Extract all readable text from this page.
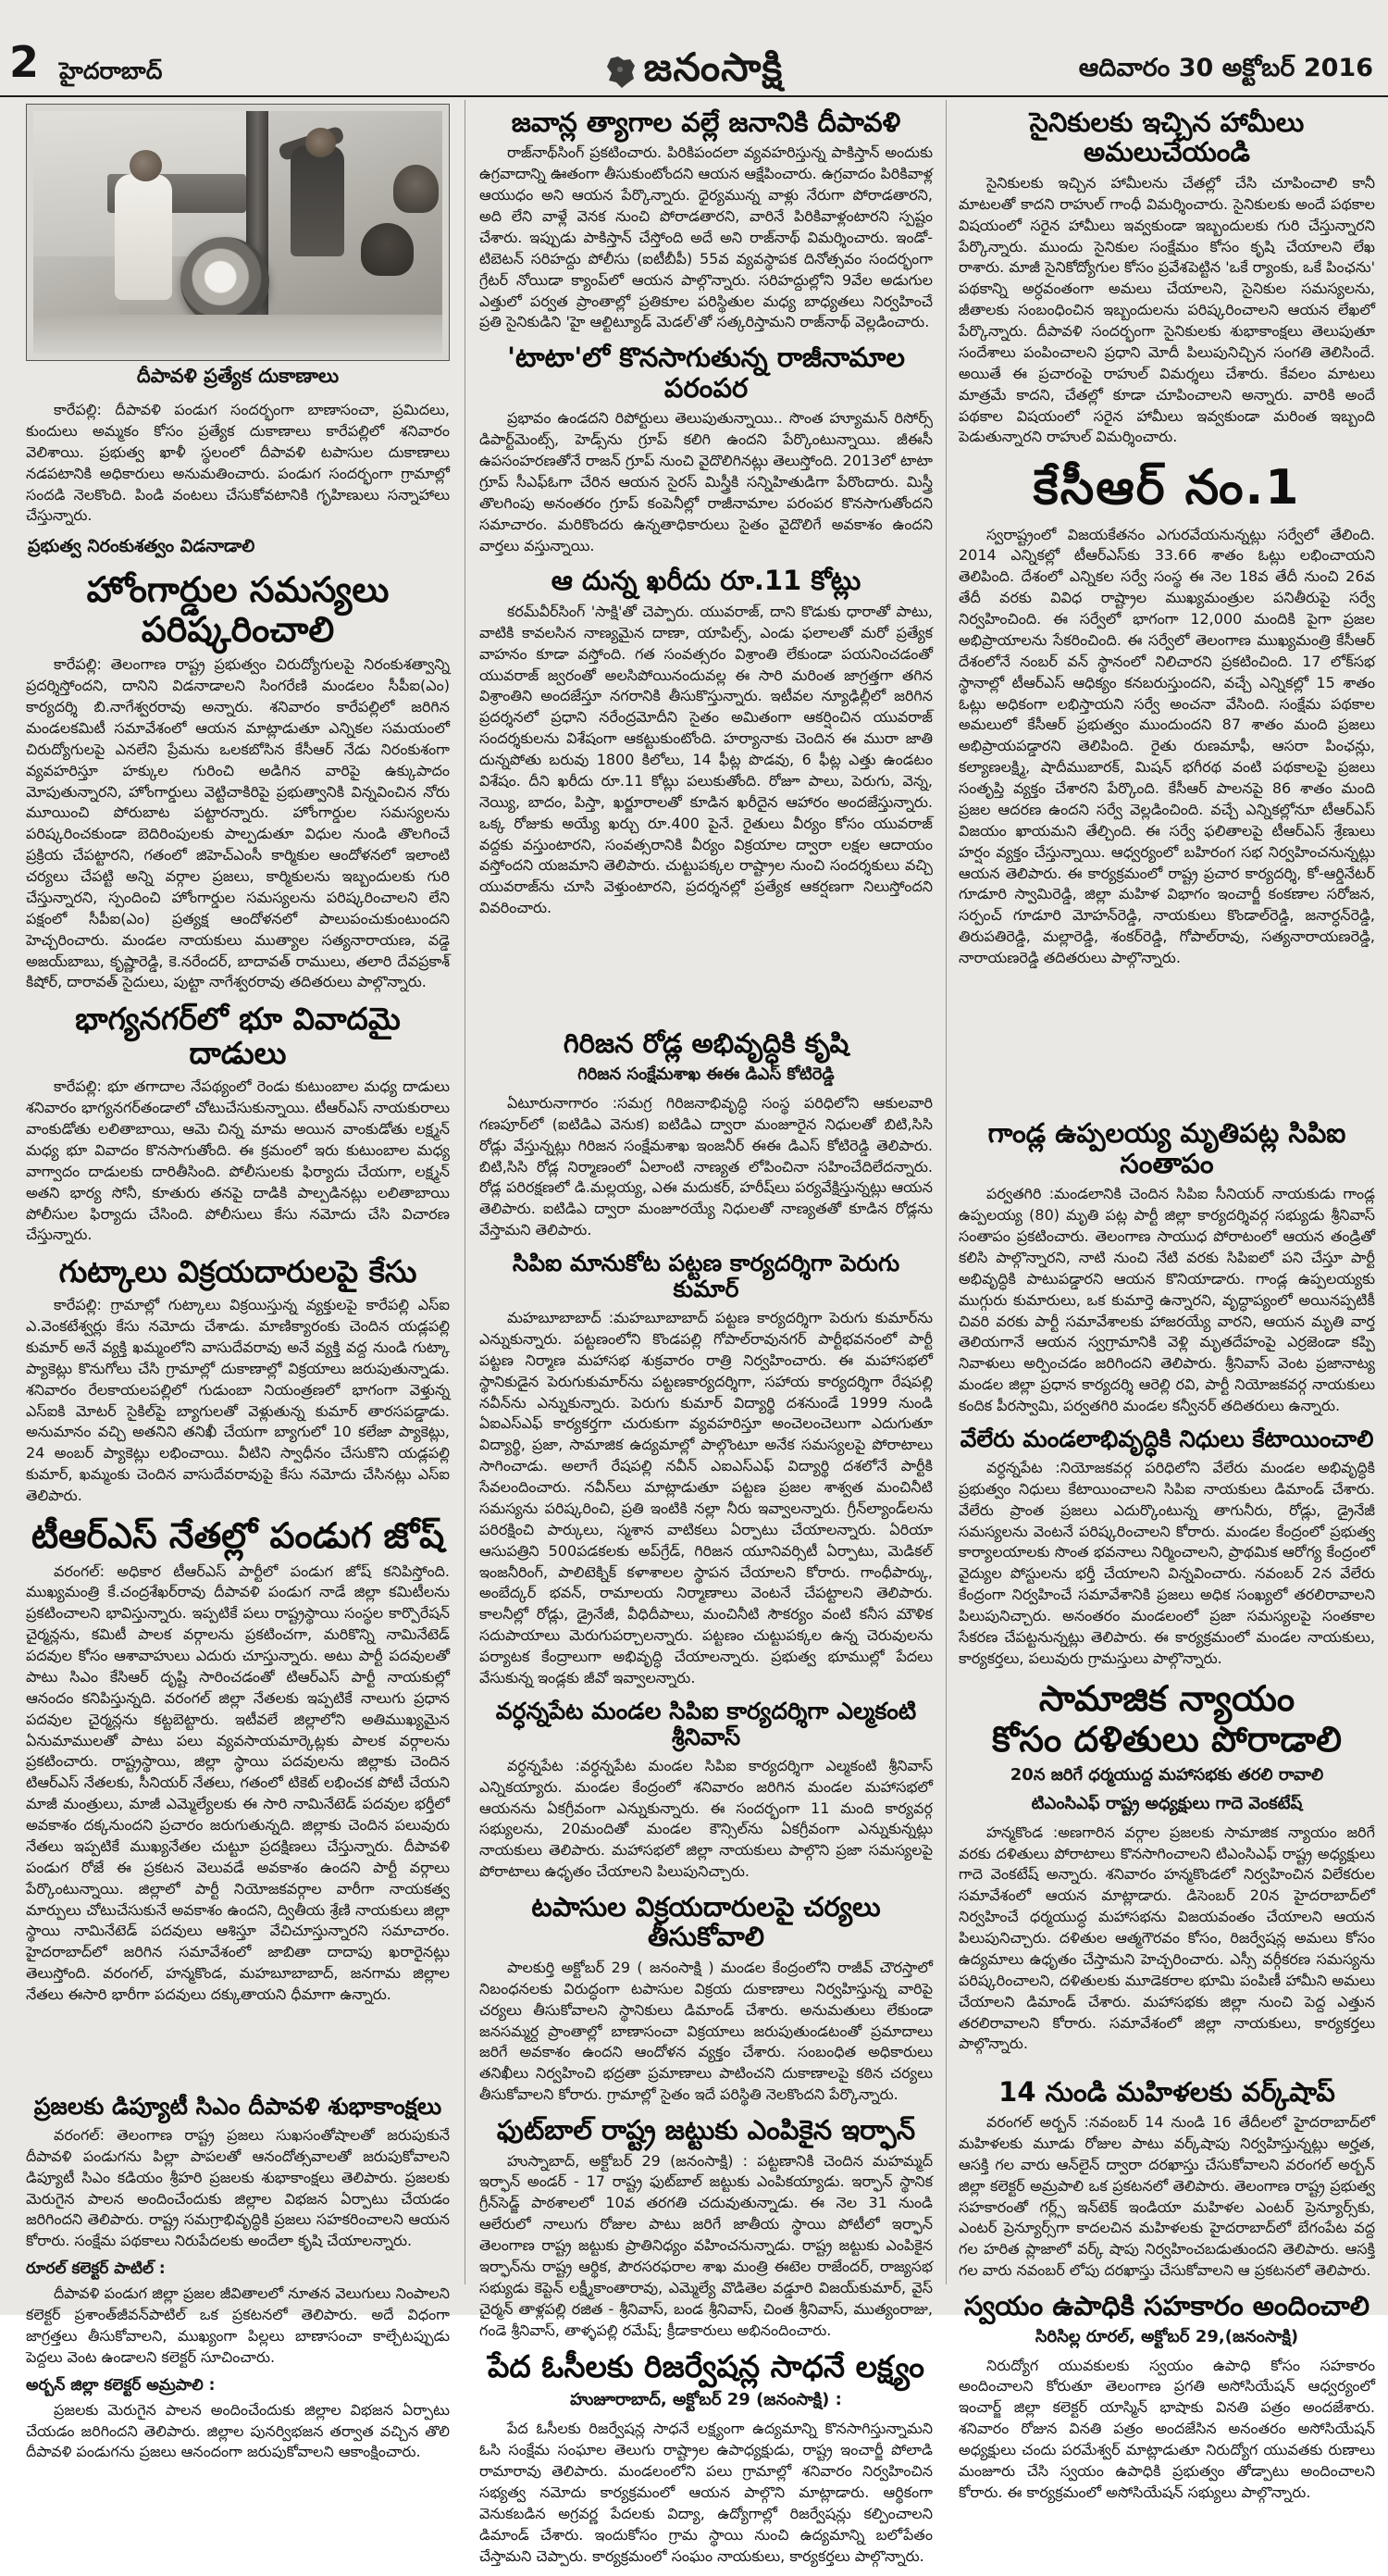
2 హైదరాబాద్	జనంసాక్షి	ఆదివారం 30 అక్టోబర్ 2016
దీపావళి ప్రత్యేక దుకాణాలు

కారేపల్లి: దీపావళి పండుగ సందర్భంగా బాణాసంచా, ప్రమిదలు, కుందులు అమ్మకం కోసం ప్రత్యేక దుకాణాలు కారేపల్లిలో శనివారం వెలిశాయి. ప్రభుత్వ ఖాళీ స్థలంలో దీపావళి టపాసుల దుకాణాలు నడపటానికి అధికారులు అనుమతించారు. పండుగ సందర్భంగా గ్రామాల్లో సందడి నెలకొంది. పిండి వంటలు చేసుకోవటానికి గృహిణులు సన్నాహాలు చేస్తున్నారు.

ప్రభుత్వ నిరంకుశత్వం విడనాడాలి
హోంగార్డుల సమస్యలు పరిష్కరించాలి

కారేపల్లి: తెలంగాణ రాష్ట్ర ప్రభుత్వం చిరుద్యోగులపై నిరంకుశత్వాన్ని ప్రదర్శిస్తోందని, దానిని విడనాడాలని సింగరేణి మండలం సీపీఐ(ఎం) కార్యదర్శి బి.నాగేశ్వరరావు అన్నారు. శనివారం కారేపల్లిలో జరిగిన మండలకమిటీ సమావేశంలో ఆయన మాట్లాడుతూ ఎన్నికల సమయంలో చిరుద్యోగులపై ఎనలేని ప్రేమను ఒలకబోసిన కేసీఆర్ నేడు నిరంకుశంగా వ్యవహరిస్తూ హక్కుల గురించి అడిగిన వారిపై ఉక్కుపాదం మోపుతున్నారని, హోంగార్డులు వెట్టిచాకిరిపై ప్రభుత్వానికి విన్నవించిన నోరు మూయించి పోరుబాట పట్టారన్నారు. హోంగార్డుల సమస్యలను పరిష్కరించకుండా బెదిరింపులకు పాల్పడుతూ విధుల నుండి తొలగించే ప్రక్రియ చేపట్టారని, గతంలో జిహెచ్ఎంసీ కార్మికుల ఆందోళనలో ఇలాంటి చర్యలు చేపట్టి అన్ని వర్గాల ప్రజలు, కార్మికులను ఇబ్బందులకు గురి చేస్తున్నారని, స్పందించి హోంగార్డుల సమస్యలను పరిష్కరించాలని లేని పక్షంలో సీపీఐ(ఎం) ప్రత్యక్ష ఆందోళనలో పాలుపంచుకుంటుందని హెచ్చరించారు. మండల నాయకులు ముత్యాల సత్యనారాయణ, వడ్డె అజయ్‌బాబు, కృష్ణారెడ్డి, కె.నరేందర్, బాదావత్ రాములు, తలారి దేవప్రకాశ్ కిషోర్, దారావత్ సైదులు, పుట్టా నాగేశ్వరరావు తదితరులు పాల్గొన్నారు.

భాగ్యనగర్‌లో భూ వివాదమై దాడులు

కారేపల్లి: భూ తగాదాల నేపథ్యంలో రెండు కుటుంబాల మధ్య దాడులు శనివారం భాగ్యనగర్‌తండాలో చోటుచేసుకున్నాయి. టీఆర్ఎస్ నాయకురాలు వాంకుడోతు లలితాబాయి, ఆమె చిన్న మామ అయిన వాంకుడోతు లక్ష్మన్ మధ్య భూ వివాదం కొనసాగుతోంది. ఈ క్రమంలో ఇరు కుటుంబాల మధ్య వాగ్వాదం దాడులకు దారితీసింది. పోలీసులకు ఫిర్యాదు చేయగా, లక్ష్మన్ అతని భార్య సోనీ, కూతురు తనపై దాడికి పాల్పడినట్లు లలితాబాయి పోలీసుల ఫిర్యాదు చేసింది. పోలీసులు కేసు నమోదు చేసి విచారణ చేస్తున్నారు.

గుట్కాలు విక్రయదారులపై కేసు

కారేపల్లి: గ్రామాల్లో గుట్కాలు విక్రయిస్తున్న వ్యక్తులపై కారేపల్లి ఎస్ఐ ఎ.వెంకటేశ్వర్లు కేసు నమోదు చేశాడు. మాణిక్యారంకు చెందిన యడ్లపల్లి కుమార్ అనే వ్యక్తి ఖమ్మంలోని వాసుదేవరావు అనే వ్యక్తి వద్ద నుండి గుట్కా ప్యాకెట్లు కొనుగోలు చేసి గ్రామాల్లో దుకాణాల్లో విక్రయాలు జరుపుతున్నాడు. శనివారం రేలకాయలపల్లిలో గుడుంబా నియంత్రణలో భాగంగా వెళ్తున్న ఎస్ఐకి మోటర్ సైకిల్‌పై బ్యాగులతో వెళ్లుతున్న కుమార్ తారసపడ్డాడు. అనుమానం వచ్చి అతనిని తనిఖీ చేయగా బ్యాగులో 10 కలేజా ప్యాకెట్లు, 24 అంబర్ ప్యాకెట్లు లభించాయి. వీటిని స్వాధీనం చేసుకొని యడ్లపల్లి కుమార్, ఖమ్మంకు చెందిన వాసుదేవరావుపై కేసు నమోదు చేసినట్లు ఎస్ఐ తెలిపారు.

టీఆర్ఎస్ నేతల్లో పండుగ జోష్

వరంగల్: అధికార టీఆర్ఎస్ పార్టీలో పండుగ జోష్ కనిపిస్తోంది. ముఖ్యమంత్రి కే.చంద్రశేఖర్‌రావు దీపావళి పండుగ నాడే జిల్లా కమిటీలను ప్రకటించాలని భావిస్తున్నారు. ఇప్పటికే పలు రాష్ట్రస్థాయి సంస్థల కార్పొరేషన్ చైర్మన్లను, కమిటీ పాలక వర్గాలను ప్రకటించగా, మరికొన్ని నామినేటెడ్ పదవుల కోసం ఆశావాహులు ఎదురు చూస్తున్నారు. అటు పార్టీ పదవులతో పాటు సిఎం కేసిఆర్ దృష్టి సారించడంతో టిఆర్ఎస్ పార్టీ నాయకుల్లో ఆనందం కనిపిస్తున్నది. వరంగల్ జిల్లా నేతలకు ఇప్పటికే నాలుగు ప్రధాన పదవుల చైర్మన్లను కట్టబెట్టారు. ఇటీవలే జిల్లాలోని అతిముఖ్యమైన ఏనుమాములతో పాటు పలు వ్యవసాయమార్కెట్లకు పాలక వర్గాలను ప్రకటించారు. రాష్ట్రస్థాయి, జిల్లా స్థాయి పదవులను జిల్లాకు చెందిన టిఆర్ఎస్ నేతలకు, సీనియర్ నేతలు, గతంలో టికెట్ లభించక పోటీ చేయని మాజీ మంత్రులు, మాజీ ఎమ్మెల్యేలకు ఈ సారి నామినేటెడ్ పదవుల భర్తీలో అవకాశం దక్కనుందని ప్రచారం జరుగుతున్నది. జిల్లాకు చెందిన పలువురు నేతలు ఇప్పటికే ముఖ్యనేతల చుట్టూ ప్రదక్షిణలు చేస్తున్నారు. దీపావళి పండుగ రోజే ఈ ప్రకటన వెలువడే అవకాశం ఉందని పార్టీ వర్గాలు పేర్కొంటున్నాయి. జిల్లాలో పార్టీ నియోజకవర్గాల వారీగా నాయకత్వ మార్పులు చోటుచేసుకునే అవకాశం ఉందని, ద్వితీయ శ్రేణి నాయకులు జిల్లా స్థాయి నామినేటెడ్ పదవులు ఆశిస్తూ వేచిచూస్తున్నారని సమాచారం. హైదరాబాద్‌లో జరిగిన సమావేశంలో జాబితా దాదాపు ఖరారైనట్లు తెలుస్తోంది. వరంగల్, హన్మకొండ, మహబూబాబాద్, జనగామ జిల్లాల నేతలు ఈసారి భారీగా పదవులు దక్కుతాయని ధీమాగా ఉన్నారు.

ప్రజలకు డిప్యూటీ సిఎం దీపావళి శుభాకాంక్షలు

వరంగల్: తెలంగాణ రాష్ట్ర ప్రజలు సుఖసంతోషాలతో జరుపుకునే దీపావళి పండుగను పిల్లా పాపలతో ఆనందోత్సవాలతో జరుపుకోవాలని డిప్యూటీ సిఎం కడియం శ్రీహరి ప్రజలకు శుభాకాంక్షలు తెలిపారు. ప్రజలకు మెరుగైన పాలన అందించేందుకు జిల్లాల విభజన ఏర్పాటు చేయడం జరిగిందని తెలిపారు. రాష్ట్ర సమగ్రాభివృద్ధికి ప్రజలు సహకరించాలని ఆయన కోరారు. సంక్షేమ పథకాలు నిరుపేదలకు అందేలా కృషి చేయాలన్నారు.

రూరల్ కలెక్టర్ పాటిల్ :

దీపావళి పండుగ జిల్లా ప్రజల జీవితాలలో నూతన వెలుగులు నింపాలని కలెక్టర్ ప్రశాంత్‌జీవన్‌పాటిల్ ఒక ప్రకటనలో తెలిపారు. అదే విధంగా జాగ్రత్తలు తీసుకోవాలని, ముఖ్యంగా పిల్లలు బాణాసంచా కాల్చేటప్పుడు పెద్దలు వెంట ఉండాలని కలెక్టర్ సూచించారు.

అర్బన్ జిల్లా కలెక్టర్ అమ్రపాలి :

ప్రజలకు మెరుగైన పాలన అందించేందుకు జిల్లాల విభజన ఏర్పాటు చేయడం జరిగిందని తెలిపారు. జిల్లాల పునర్విభజన తర్వాత వచ్చిన తొలి దీపావళి పండుగను ప్రజలు ఆనందంగా జరుపుకోవాలని ఆకాంక్షించారు.

జవాన్ల త్యాగాల వల్లే జనానికి దీపావళి

రాజ్‌నాథ్‌సింగ్ ప్రకటించారు. పిరికిపందలా వ్యవహరిస్తున్న పాకిస్తాన్ అందుకు ఉగ్రవాదాన్ని ఊతంగా తీసుకుంటోందని ఆయన ఆక్షేపించారు. ఉగ్రవాదం పిరికివాళ్ల ఆయుధం అని ఆయన పేర్కొన్నారు. ధైర్యమున్న వాళ్లు నేరుగా పోరాడతారని, అది లేని వాళ్లే వెనక నుంచి పోరాడతారని, వారినే పిరికివాళ్లంటారని స్పష్టం చేశారు. ఇప్పుడు పాకిస్తాన్ చేస్తోంది అదే అని రాజ్‌నాథ్ విమర్శించారు. ఇండో-టిబెటన్ సరిహద్దు పోలీసు (ఐటీబీపీ) 55వ వ్యవస్థాపక దినోత్సవం సందర్భంగా గ్రేటర్ నోయిడా క్యాంప్‌లో ఆయన పాల్గొన్నారు. సరిహద్దుల్లోని 9వేల అడుగుల ఎత్తులో పర్వత ప్రాంతాల్లో ప్రతికూల పరిస్థితుల మధ్య బాధ్యతలు నిర్వహించే ప్రతి సైనికుడిని 'హై ఆల్టిట్యూడ్ మెడల్'తో సత్కరిస్తామని రాజ్‌నాథ్ వెల్లడించారు.

'టాటా'లో కొనసాగుతున్న రాజీనామాల పరంపర

ప్రభావం ఉండదని రిపోర్టులు తెలుపుతున్నాయి.. సొంత హ్యూమన్ రిసోర్స్ డిపార్ట్‌మెంట్స్, హెడ్స్‌ను గ్రూప్ కలిగి ఉందని పేర్కొంటున్నాయి. జీఈసీ ఉపసంహరణతోనే రాజన్ గ్రూప్ నుంచి వైదొలిగినట్లు తెలుస్తోంది. 2013లో టాటా గ్రూప్ సీఎఫ్ఓగా చేరిన ఆయన సైరస్ మిస్త్రీకి సన్నిహితుడిగా పేరొందారు. మిస్త్రీ తొలగింపు అనంతరం గ్రూప్ కంపెనీల్లో రాజీనామాల పరంపర కొనసాగుతోందని సమాచారం. మరికొందరు ఉన్నతాధికారులు సైతం వైదొలిగే అవకాశం ఉందని వార్తలు వస్తున్నాయి.

ఆ దున్న ఖరీదు రూ.11 కోట్లు

కరమ్‌వీర్‌సింగ్ 'సాక్షి'తో చెప్పారు. యువరాజ్, దాని కొడుకు ధారాతో పాటు, వాటికి కావలసిన నాణ్యమైన దాణా, యాపిల్స్, ఎండు ఫలాలతో మరో ప్రత్యేక వాహనం కూడా వస్తోంది. గత సంవత్సరం విశ్రాంతి లేకుండా పయనించడంతో యువరాజ్ జ్వరంతో అలసిపోయినందువల్ల ఈ సారి మరింత జాగ్రత్తగా తగిన విశ్రాంతిని అందజేస్తూ నగరానికి తీసుకొస్తున్నారు. ఇటీవల న్యూఢిల్లీలో జరిగిన ప్రదర్శనలో ప్రధాని నరేంద్రమోదీని సైతం అమితంగా ఆకర్షించిన యువరాజ్ సందర్శకులను విశేషంగా ఆకట్టుకుంటోంది. హర్యానాకు చెందిన ఈ మురా జాతి దున్నపోతు బరువు 1800 కిలోలు, 14 ఫీట్ల పొడవు, 6 ఫీట్ల ఎత్తు ఉండటం విశేషం. దీని ఖరీదు రూ.11 కోట్లు పలుకుతోంది. రోజూ పాలు, పెరుగు, వెన్న, నెయ్యి, బాదం, పిస్తా, ఖర్జూరాలతో కూడిన ఖరీదైన ఆహారం అందజేస్తున్నారు. ఒక్క రోజుకు అయ్యే ఖర్చు రూ.400 పైనే. రైతులు వీర్యం కోసం యువరాజ్ వద్దకు వస్తుంటారని, సంవత్సరానికి వీర్యం విక్రయాల ద్వారా లక్షల ఆదాయం వస్తోందని యజమాని తెలిపారు. చుట్టుపక్కల రాష్ట్రాల నుంచి సందర్శకులు వచ్చి యువరాజ్‌ను చూసి వెళ్తుంటారని, ప్రదర్శనల్లో ప్రత్యేక ఆకర్షణగా నిలుస్తోందని వివరించారు.

గిరిజన రోడ్ల అభివృద్ధికి కృషి
గిరిజన సంక్షేమశాఖ ఈఈ డిఎస్ కోటిరెడ్డి

ఏటూరునాగారం :సమగ్ర గిరిజనాభివృద్ధి సంస్థ పరిధిలోని ఆకులవారి గణపూర్‌లో (ఐటిడిఎ వెనుక) ఐటిడిఎ ద్వారా మంజూరైన నిధులతో బిటి,సిసి రోడ్లు వేస్తున్నట్లు గిరిజన సంక్షేమశాఖ ఇంజనీర్ ఈఈ డిఎస్ కోటిరెడ్డి తెలిపారు. బిటి,సిసి రోడ్ల నిర్మాణంలో ఏలాంటి నాణ్యత లోపించినా సహించేదిలేదన్నారు. రోడ్ల పరిరక్షణలో డి.మల్లయ్య, ఎఈ మదుకర్, హరీష్‌లు పర్యవేక్షిస్తున్నట్లు ఆయన తెలిపారు. ఐటిడిఎ ద్వారా మంజూరయ్యే నిధులతో నాణ్యతతో కూడిన రోడ్లను వేస్తామని తెలిపారు.

సిపిఐ మానుకోట పట్టణ కార్యదర్శిగా పెరుగు కుమార్

మహబూబాబాద్ :మహబూబాబాద్ పట్టణ కార్యదర్శిగా పెరుగు కుమార్‌ను ఎన్నుకున్నారు. పట్టణంలోని కొండపల్లి గోపాల్‌రావునగర్ పార్టీభవనంలో పార్టీ పట్టణ నిర్మాణ మహాసభ శుక్రవారం రాత్రి నిర్వహించారు. ఈ మహాసభలో స్థానికుడైన పెరుగుకుమార్‌ను పట్టణకార్యదర్శిగా, సహాయ కార్యదర్శిగా రేషపల్లి నవీన్‌ను ఎన్నుకున్నారు. పెరుగు కుమార్ విద్యార్థి దశనుండే 1999 నుండి ఏఐఎస్ఎఫ్ కార్యకర్తగా చురుకుగా వ్యవహరిస్తూ అంచెలంచెలుగా ఎదుగుతూ విద్యార్థి, ప్రజా, సామాజిక ఉద్యమాల్లో పాల్గొంటూ అనేక సమస్యలపై పోరాటాలు సాగించాడు. అలాగే రేషపల్లి నవీన్ ఎఐఎస్ఎఫ్ విద్యార్థి దశలోనే పార్టీకి సేవలందించారు. నవీన్‌లు మాట్లాడుతూ పట్టణ ప్రజల శాశ్వత మంచినీటి సమస్యను పరిష్కరించి, ప్రతి ఇంటికి నల్లా నీరు ఇవ్వాలన్నారు. గ్రీన్‌ల్యాండ్‌లను పరిరక్షించి పార్కులు, స్మశాన వాటికలు ఏర్పాటు చేయాలన్నారు. ఏరియా ఆసుపత్రిని 500పడకలకు అప్‌గ్రేడ్, గిరిజన యూనివర్సిటీ ఏర్పాటు, మెడికల్ ఇంజనీరింగ్, పాలిటెక్నిక్ కళాశాలల స్థాపన చేయాలని కోరారు. గాంధీపార్కు, అంబేద్కర్ భవన్, రామాలయ నిర్మాణాలు వెంటనే చేపట్టాలని తెలిపారు. కాలనీల్లో రోడ్లు, డ్రైనేజీ, వీధిదీపాలు, మంచినీటి సౌకర్యం వంటి కనీస మౌళిక సదుపాయాలు మెరుగుపర్చాలన్నారు. పట్టణం చుట్టుపక్కల ఉన్న చెరువులను పర్యాటక కేంద్రాలుగా అభివృద్ధి చేయాలన్నారు. ప్రభుత్వ భూముల్లో పేదలు వేసుకున్న ఇండ్లకు జీవో ఇవ్వాలన్నారు.

వర్ధన్నపేట మండల సిపిఐ కార్యదర్శిగా ఎల్మకంటి శ్రీనివాస్

వర్ధన్నపేట :వర్ధన్నపేట మండల సిపిఐ కార్యదర్శిగా ఎల్మకంటి శ్రీనివాస్ ఎన్నికయ్యారు. మండల కేంద్రంలో శనివారం జరిగిన మండల మహాసభలో ఆయనను ఏకగ్రీవంగా ఎన్నుకున్నారు. ఈ సందర్భంగా 11 మంది కార్యవర్గ సభ్యులను, 20మందితో మండల కౌన్సిల్‌ను ఏకగ్రీవంగా ఎన్నుకున్నట్లు నాయకులు తెలిపారు. మహాసభలో జిల్లా నాయకులు పాల్గొని ప్రజా సమస్యలపై పోరాటాలు ఉధృతం చేయాలని పిలుపునిచ్చారు.

టపాసుల విక్రయదారులపై చర్యలు తీసుకోవాలి

పాలకుర్తి అక్టోబర్ 29 ( జనంసాక్షి ) మండల కేంద్రంలోని రాజీవ్ చౌరస్తాలో నిబంధనలకు విరుద్ధంగా టపాసుల విక్రయ దుకాణాలు నిర్వహిస్తున్న వారిపై చర్యలు తీసుకోవాలని స్థానికులు డిమాండ్ చేశారు. అనుమతులు లేకుండా జనసమ్మర్ద ప్రాంతాల్లో బాణాసంచా విక్రయాలు జరుపుతుండటంతో ప్రమాదాలు జరిగే అవకాశం ఉందని ఆందోళన వ్యక్తం చేశారు. సంబంధిత అధికారులు తనిఖీలు నిర్వహించి భద్రతా ప్రమాణాలు పాటించని దుకాణాలపై కఠిన చర్యలు తీసుకోవాలని కోరారు. గ్రామాల్లో సైతం ఇదే పరిస్థితి నెలకొందని పేర్కొన్నారు.

ఫుట్‌బాల్ రాష్ట్ర జట్టుకు ఎంపికైన ఇర్ఫాన్

హుస్నాబాద్, అక్టోబర్ 29 (జనంసాక్షి) : పట్టణానికి చెందిన మహమ్మద్ ఇర్ఫాన్ అండర్ - 17 రాష్ట్ర ఫుట్‌బాల్ జట్టుకు ఎంపికయ్యాడు. ఇర్ఫాన్ స్థానిక గ్రీన్‌సెడ్జ్ పాఠశాలలో 10వ తరగతి చదువుతున్నాడు. ఈ నెల 31 నుండి ఆలేరులో నాలుగు రోజుల పాటు జరిగే జాతీయ స్థాయి పోటీలో ఇర్ఫాన్ తెలంగాణ రాష్ట్ర జట్టుకు ప్రాతినిధ్యం వహించనున్నాడు. రాష్ట్ర జట్టుకు ఎంపికైన ఇర్ఫాన్‌ను రాష్ట్ర ఆర్థిక, పౌరసరఫరాల శాఖ మంత్రి ఈటెల రాజేందర్, రాజ్యసభ సభ్యుడు కెప్టెన్ లక్ష్మీకాంతారావు, ఎమ్మెల్యే వొడితెల వడ్డూరి విజయ్‌కుమార్, వైస్ చైర్మన్ తాళ్లపల్లి రజిత - శ్రీనివాస్, బండ శ్రీనివాస్, చింత శ్రీనివాస్, ముత్యంరాజు, గండె శ్రీనివాస్, తాళ్ళపల్లి రమేష్; క్రీడాకారులు అభినందించారు.

పేద ఓసీలకు రిజర్వేషన్ల సాధనే లక్ష్యం
హుజూరాబాద్, అక్టోబర్ 29 (జనంసాక్షి) :

పేద ఓసీలకు రిజర్వేషన్ల సాధనే లక్ష్యంగా ఉద్యమాన్ని కొనసాగిస్తున్నామని ఓసి సంక్షేమ సంఘాల తెలుగు రాష్ట్రాల ఉపాధ్యక్షుడు, రాష్ట్ర ఇంచార్జీ పోలాడి రామారావు తెలిపారు. మండలంలోని పలు గ్రామాల్లో శనివారం నిర్వహించిన సభ్యత్వ నమోదు కార్యక్రమంలో ఆయన పాల్గొని మాట్లాడారు. ఆర్థికంగా వెనుకబడిన అగ్రవర్ణ పేదలకు విద్యా, ఉద్యోగాల్లో రిజర్వేషన్లు కల్పించాలని డిమాండ్ చేశారు. ఇందుకోసం గ్రామ స్థాయి నుంచి ఉద్యమాన్ని బలోపేతం చేస్తామని చెప్పారు. కార్యక్రమంలో సంఘం నాయకులు, కార్యకర్తలు పాల్గొన్నారు.

సైనికులకు ఇచ్చిన హామీలు అమలుచేయండి

సైనికులకు ఇచ్చిన హామీలను చేతల్లో చేసి చూపించాలి కానీ మాటలతో కాదని రాహుల్ గాంధీ విమర్శించారు. సైనికులకు అందే పథకాల విషయంలో సరైన హామీలు ఇవ్వకుండా ఇబ్బందులకు గురి చేస్తున్నారని పేర్కొన్నారు. ముందు సైనికుల సంక్షేమం కోసం కృషి చేయాలని లేఖ రాశారు. మాజీ సైనికోద్యోగుల కోసం ప్రవేశపెట్టిన 'ఒకే ర్యాంకు, ఒకే పింఛను' పథకాన్ని అర్ధవంతంగా అమలు చేయాలని, సైనికుల సమస్యలను, జీతాలకు సంబంధించిన ఇబ్బందులను పరిష్కరించాలని ఆయన లేఖలో పేర్కొన్నారు. దీపావళి సందర్భంగా సైనికులకు శుభాకాంక్షలు తెలుపుతూ సందేశాలు పంపించాలని ప్రధాని మోదీ పిలుపునిచ్చిన సంగతి తెలిసిందే. అయితే ఈ ప్రచారంపై రాహుల్ విమర్శలు చేశారు. కేవలం మాటలు మాత్రమే కాదని, చేతల్లో కూడా చూపించాలని అన్నారు. వారికి అందే పథకాల విషయంలో సరైన హామీలు ఇవ్వకుండా మరింత ఇబ్బంది పెడుతున్నారని రాహుల్ విమర్శించారు.

కేసీఆర్ నం.1

స్వరాష్ట్రంలో విజయకేతనం ఎగురవేయనున్నట్లు సర్వేలో తేలింది. 2014 ఎన్నికల్లో టీఆర్ఎస్‌కు 33.66 శాతం ఓట్లు లభించాయని తెలిపింది. దేశంలో ఎన్నికల సర్వే సంస్థ ఈ నెల 18వ తేదీ నుంచి 26వ తేదీ వరకు వివిధ రాష్ట్రాల ముఖ్యమంత్రుల పనితీరుపై సర్వే నిర్వహించింది. ఈ సర్వేలో భాగంగా 12,000 మందికి పైగా ప్రజల అభిప్రాయాలను సేకరించింది. ఈ సర్వేలో తెలంగాణ ముఖ్యమంత్రి కేసీఆర్ దేశంలోనే నంబర్ వన్ స్థానంలో నిలిచారని ప్రకటించింది. 17 లోక్‌సభ స్థానాల్లో టీఆర్ఎస్ ఆధిక్యం కనబరుస్తుందని, వచ్చే ఎన్నికల్లో 15 శాతం ఓట్లు అధికంగా లభిస్తాయని సర్వే అంచనా వేసింది. సంక్షేమ పథకాల అమలులో కేసీఆర్ ప్రభుత్వం ముందుందని 87 శాతం మంది ప్రజలు అభిప్రాయపడ్డారని తెలిపింది. రైతు రుణమాఫీ, ఆసరా పింఛన్లు, కల్యాణలక్ష్మి, షాదీముబారక్, మిషన్ భగీరథ వంటి పథకాలపై ప్రజలు సంతృప్తి వ్యక్తం చేశారని పేర్కొంది. కేసీఆర్ పాలనపై 86 శాతం మంది ప్రజల ఆదరణ ఉందని సర్వే వెల్లడించింది. వచ్చే ఎన్నికల్లోనూ టీఆర్ఎస్ విజయం ఖాయమని తేల్చింది. ఈ సర్వే ఫలితాలపై టీఆర్ఎస్ శ్రేణులు హర్షం వ్యక్తం చేస్తున్నాయి. ఆధ్వర్యంలో బహిరంగ సభ నిర్వహించనున్నట్లు ఆయన తెలిపారు. ఈ కార్యక్రమంలో రాష్ట్ర ప్రచార కార్యదర్శి, కో-ఆర్డినేటర్ గూడూరి స్వామిరెడ్డి, జిల్లా మహిళ విభాగం ఇంచార్జీ కంకణాల సరోజన, సర్పంచ్ గూడూరి మోహన్‌రెడ్డి, నాయకులు కొండాల్‌రెడ్డి, జనార్ధన్‌రెడ్డి, తిరుపతిరెడ్డి, మల్లారెడ్డి, శంకర్‌రెడ్డి, గోపాల్‌రావు, సత్యనారాయణరెడ్డి, నారాయణరెడ్డి తదితరులు పాల్గొన్నారు.

గాండ్ల ఉప్పలయ్య మృతిపట్ల సిపిఐ సంతాపం

పర్వతగిరి :మండలానికి చెందిన సిపిఐ సీనియర్ నాయకుడు గాండ్ల ఉప్పలయ్య (80) మృతి పట్ల పార్టీ జిల్లా కార్యదర్శివర్గ సభ్యుడు శ్రీనివాస్ సంతాపం ప్రకటించారు. తెలంగాణ సాయుధ పోరాటంలో ఆయన తండ్రితో కలిసి పాల్గొన్నారని, నాటి నుంచి నేటి వరకు సిపిఐలో పని చేస్తూ పార్టీ అభివృద్ధికి పాటుపడ్డారని ఆయన కొనియాడారు. గాండ్ల ఉప్పలయ్యకు ముగ్గురు కుమారులు, ఒక కుమార్తె ఉన్నారని, వృద్ధాప్యంలో అయినప్పటికీ చివరి వరకు పార్టీ సమావేశాలకు హాజరయ్యే వారని, ఆయన మృతి వార్త తెలియగానే ఆయన స్వగ్రామానికి వెళ్లి మృతదేహంపై ఎర్రజెండా కప్పి నివాళులు అర్పించడం జరిగిందని తెలిపారు. శ్రీనివాస్ వెంట ప్రజానాట్య మండల జిల్లా ప్రధాన కార్యదర్శి ఆరెల్లి రవి, పార్టీ నియోజకవర్గ నాయకులు కందిక పీరస్వామి, పర్వతగిరి మండల కన్వీనర్ తదితరులు ఉన్నారు.

వేలేరు మండలాభివృద్ధికి నిధులు కేటాయించాలి

వర్ధన్నపేట :నియోజకవర్గ పరిధిలోని వేలేరు మండల అభివృద్ధికి ప్రభుత్వం నిధులు కేటాయించాలని సిపిఐ నాయకులు డిమాండ్ చేశారు. వేలేరు ప్రాంత ప్రజలు ఎదుర్కొంటున్న తాగునీరు, రోడ్లు, డ్రైనేజీ సమస్యలను వెంటనే పరిష్కరించాలని కోరారు. మండల కేంద్రంలో ప్రభుత్వ కార్యాలయాలకు సొంత భవనాలు నిర్మించాలని, ప్రాథమిక ఆరోగ్య కేంద్రంలో వైద్యుల పోస్టులను భర్తీ చేయాలని విన్నవించారు. నవంబర్ 2న వేలేరు కేంద్రంగా నిర్వహించే సమావేశానికి ప్రజలు అధిక సంఖ్యలో తరలిరావాలని పిలుపునిచ్చారు. అనంతరం మండలంలో ప్రజా సమస్యలపై సంతకాల సేకరణ చేపట్టనున్నట్లు తెలిపారు. ఈ కార్యక్రమంలో మండల నాయకులు, కార్యకర్తలు, పలువురు గ్రామస్తులు పాల్గొన్నారు.

సామాజిక న్యాయం
కోసం దళితులు పోరాడాలి
20న జరిగే ధర్మయుద్ద మహాసభకు తరలి రావాలి
టిఎంసిఎఫ్ రాష్ట్ర అధ్యక్షులు గాదె వెంకటేష్

హన్మకొండ :అణగారిన వర్గాల ప్రజలకు సామాజిక న్యాయం జరిగే వరకు దళితులు పోరాటాలు కొనసాగించాలని టిఎంసిఎఫ్ రాష్ట్ర అధ్యక్షులు గాదె వెంకటేష్ అన్నారు. శనివారం హన్మకొండలో నిర్వహించిన విలేకరుల సమావేశంలో ఆయన మాట్లాడారు. డిసెంబర్ 20న హైదరాబాద్‌లో నిర్వహించే ధర్మయుద్ధ మహాసభను విజయవంతం చేయాలని ఆయన పిలుపునిచ్చారు. దళితుల ఆత్మగౌరవం కోసం, రిజర్వేషన్ల అమలు కోసం ఉద్యమాలు ఉధృతం చేస్తామని హెచ్చరించారు. ఎస్సీ వర్గీకరణ సమస్యను పరిష్కరించాలని, దళితులకు మూడెకరాల భూమి పంపిణీ హామీని అమలు చేయాలని డిమాండ్ చేశారు. మహాసభకు జిల్లా నుంచి పెద్ద ఎత్తున తరలిరావాలని కోరారు. సమావేశంలో జిల్లా నాయకులు, కార్యకర్తలు పాల్గొన్నారు.

14 నుండి మహిళలకు వర్క్‌షాప్

వరంగల్ అర్బన్ :నవంబర్ 14 నుండి 16 తేదీలలో హైదరాబాద్‌లో మహిళలకు మూడు రోజుల పాటు వర్క్‌షాపు నిర్వహిస్తున్నట్లు అర్హత, ఆసక్తి గల వారు ఆన్‌లైన్ ద్వారా దరఖాస్తు చేసుకోవాలని వరంగల్ అర్బన్ జిల్లా కలెక్టర్ అమ్రపాలి ఒక ప్రకటనలో తెలిపారు. తెలంగాణ రాష్ట్ర ప్రభుత్వ సహకారంతో గర్ల్స్ ఇన్‌టెక్ ఇండియా మహిళల ఎంటర్ ప్రెన్యూర్స్‌కు, ఎంటర్ ప్రెన్యూర్స్‌గా కాదలచిన మహిళలకు హైదరాబాద్‌లో బేగంపేట వద్ద గల హరిత ప్లాజాలో వర్క్ షాపు నిర్వహించబడుతుందని తెలిపారు. ఆసక్తి గల వారు నవంబర్ లోపు దరఖాస్తు చేసుకోవాలని ఆ ప్రకటనలో తెలిపారు.

స్వయం ఉపాధికి సహకారం అందించాలి
సిరిసిల్ల రూరల్, అక్టోబర్ 29,(జనంసాక్షి)

నిరుద్యోగ యువకులకు స్వయం ఉపాధి కోసం సహకారం అందించాలని కోరుతూ తెలంగాణ ప్రగతి అసోసియేషన్ ఆధ్వర్యంలో ఇంచార్జ్ జిల్లా కలెక్టర్ యాస్మిన్ భాషాకు వినతి పత్రం అందజేశారు. శనివారం రోజున వినతి పత్రం అందజేసిన అనంతరం అసోసియేషన్ అధ్యక్షులు చందు పరమేశ్వర్ మాట్లాడుతూ నిరుద్యోగ యువతకు రుణాలు మంజూరు చేసి స్వయం ఉపాధికి ప్రభుత్వం తోడ్పాటు అందించాలని కోరారు. ఈ కార్యక్రమంలో అసోసియేషన్ సభ్యులు పాల్గొన్నారు.
